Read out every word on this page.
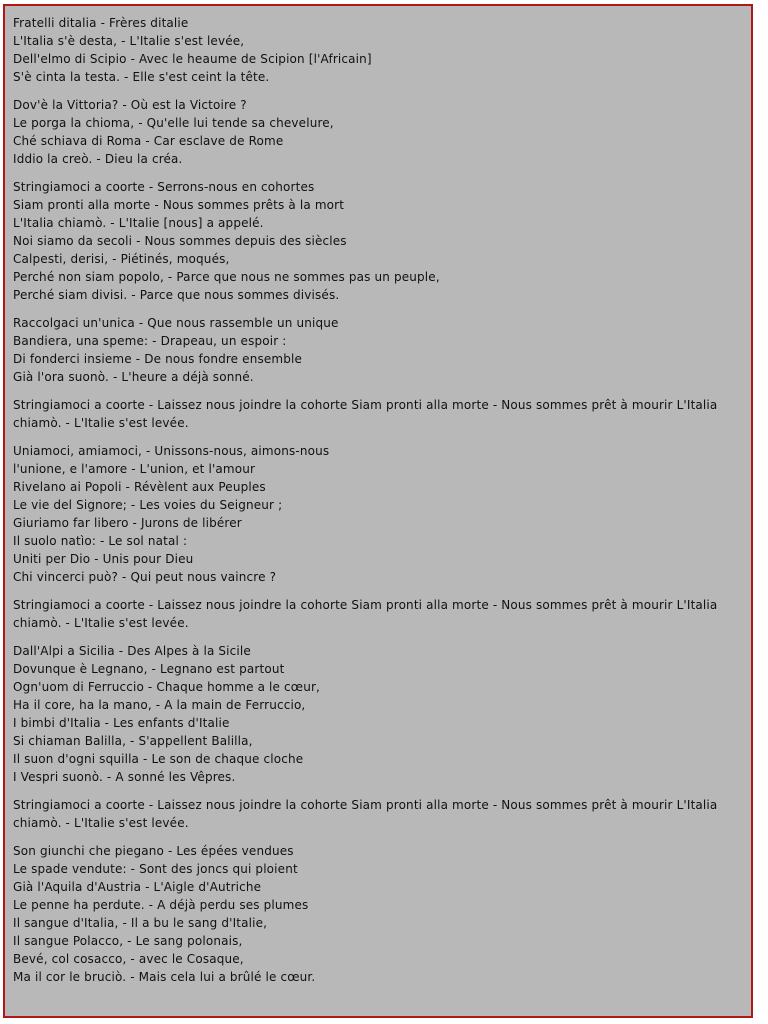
Fratelli ditalia - Frères ditalie
L'Italia s'è desta, - L'Italie s'est levée,
Dell'elmo di Scipio - Avec le heaume de Scipion [l'Africain]
S'è cinta la testa. - Elle s'est ceint la tête.
Dov'è la Vittoria? - Où est la Victoire ?
Le porga la chioma, - Qu'elle lui tende sa chevelure,
Ché schiava di Roma - Car esclave de Rome
Iddio la creò. - Dieu la créa.
Stringiamoci a coorte - Serrons-nous en cohortes
Siam pronti alla morte - Nous sommes prêts à la mort
L'Italia chiamò. - L'Italie [nous] a appelé.
Noi siamo da secoli - Nous sommes depuis des siècles
Calpesti, derisi, - Piétinés, moqués,
Perché non siam popolo, - Parce que nous ne sommes pas un peuple,
Perché siam divisi. - Parce que nous sommes divisés.
Raccolgaci un'unica - Que nous rassemble un unique
Bandiera, una speme: - Drapeau, un espoir :
Di fonderci insieme - De nous fondre ensemble
Già l'ora suonò. - L'heure a déjà sonné.
Stringiamoci a coorte - Laissez nous joindre la cohorte Siam pronti alla morte - Nous sommes prêt à mourir L'Italia chiamò. - L'Italie s'est levée.
Uniamoci, amiamoci, - Unissons-nous, aimons-nous
l'unione, e l'amore - L'union, et l'amour
Rivelano ai Popoli - Révèlent aux Peuples
Le vie del Signore; - Les voies du Seigneur ;
Giuriamo far libero - Jurons de libérer
Il suolo natìo: - Le sol natal :
Uniti per Dio - Unis pour Dieu
Chi vincerci può? - Qui peut nous vaincre ?
Stringiamoci a coorte - Laissez nous joindre la cohorte Siam pronti alla morte - Nous sommes prêt à mourir L'Italia chiamò. - L'Italie s'est levée.
Dall'Alpi a Sicilia - Des Alpes à la Sicile
Dovunque è Legnano, - Legnano est partout
Ogn'uom di Ferruccio - Chaque homme a le cœur,
Ha il core, ha la mano, - A la main de Ferruccio,
I bimbi d'Italia - Les enfants d'Italie
Si chiaman Balilla, - S'appellent Balilla,
Il suon d'ogni squilla - Le son de chaque cloche
I Vespri suonò. - A sonné les Vêpres.
Stringiamoci a coorte - Laissez nous joindre la cohorte Siam pronti alla morte - Nous sommes prêt à mourir L'Italia chiamò. - L'Italie s'est levée.
Son giunchi che piegano - Les épées vendues
Le spade vendute: - Sont des joncs qui ploient
Già l'Aquila d'Austria - L'Aigle d'Autriche
Le penne ha perdute. - A déjà perdu ses plumes
Il sangue d'Italia, - Il a bu le sang d'Italie,
Il sangue Polacco, - Le sang polonais,
Bevé, col cosacco, - avec le Cosaque,
Ma il cor le bruciò. - Mais cela lui a brûlé le cœur.
